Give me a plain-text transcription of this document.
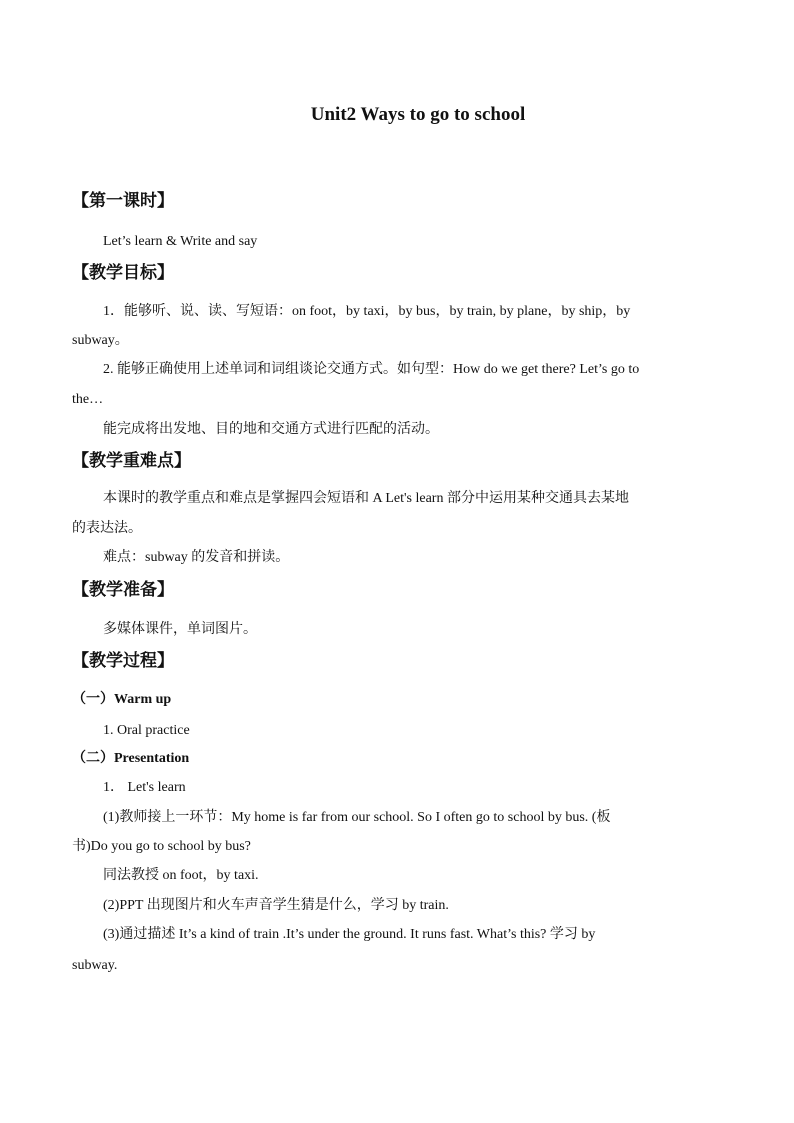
Unit2 Ways to go to school
【第一课时】
Let’s learn & Write and say
【教学目标】
1．能够听、说、读、写短语：on foot，by taxi，by bus，by train, by plane，by ship，by
subway。
2. 能够正确使用上述单词和词组谈论交通方式。如句型：How do we get there? Let’s go to
the…
能完成将出发地、目的地和交通方式进行匹配的活动。
【教学重难点】
本课时的教学重点和难点是掌握四会短语和 A Let's learn 部分中运用某种交通具去某地
的表达法。
难点：subway 的发音和拼读。
【教学准备】
多媒体课件，单词图片。
【教学过程】
（一）Warm up
1. Oral practice
（二）Presentation
1． Let's learn
(1)教师接上一环节：My home is far from our school. So I often go to school by bus. (板
书)Do you go to school by bus?
同法教授 on foot，by taxi.
(2)PPT 出现图片和火车声音学生猜是什么，学习 by train.
(3)通过描述 It’s a kind of train .It’s under the ground. It runs fast. What’s this? 学习 by
subway.
